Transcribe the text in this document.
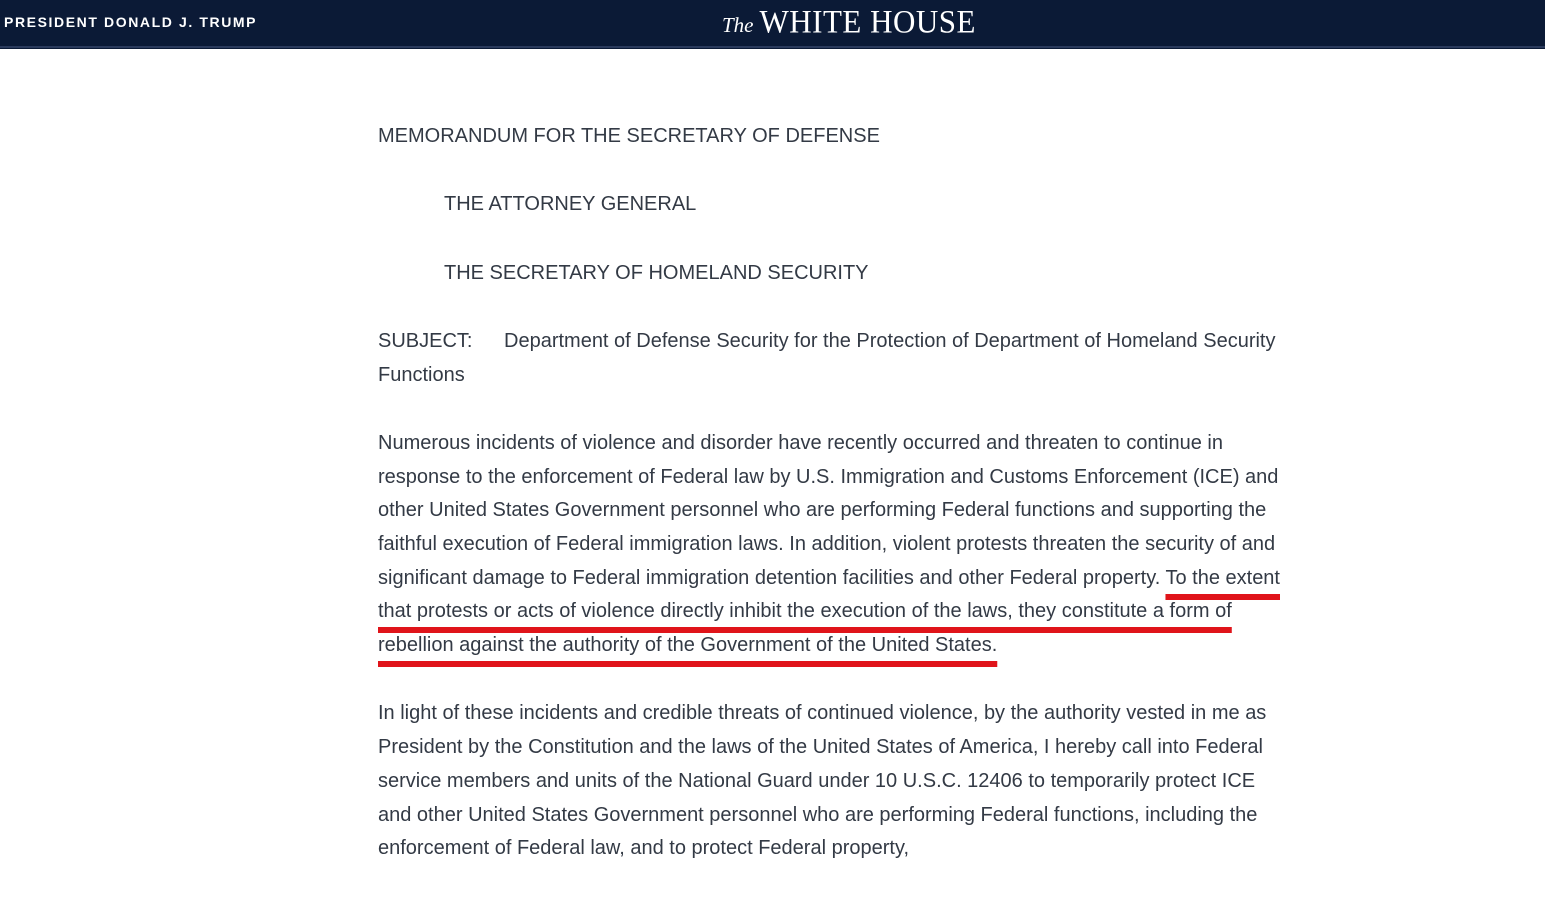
PRESIDENT DONALD J. TRUMP	The WHITE HOUSE

MEMORANDUM FOR THE SECRETARY OF DEFENSE

THE ATTORNEY GENERAL

THE SECRETARY OF HOMELAND SECURITY

SUBJECT: Department of Defense Security for the Protection of Department of Homeland Security Functions

Numerous incidents of violence and disorder have recently occurred and threaten to continue in response to the enforcement of Federal law by U.S. Immigration and Customs Enforcement (ICE) and other United States Government personnel who are performing Federal functions and supporting the faithful execution of Federal immigration laws. In addition, violent protests threaten the security of and significant damage to Federal immigration detention facilities and other Federal property. To the extent that protests or acts of violence directly inhibit the execution of the laws, they constitute a form of rebellion against the authority of the Government of the United States.

In light of these incidents and credible threats of continued violence, by the authority vested in me as President by the Constitution and the laws of the United States of America, I hereby call into Federal service members and units of the National Guard under 10 U.S.C. 12406 to temporarily protect ICE and other United States Government personnel who are performing Federal functions, including the enforcement of Federal law, and to protect Federal property,
